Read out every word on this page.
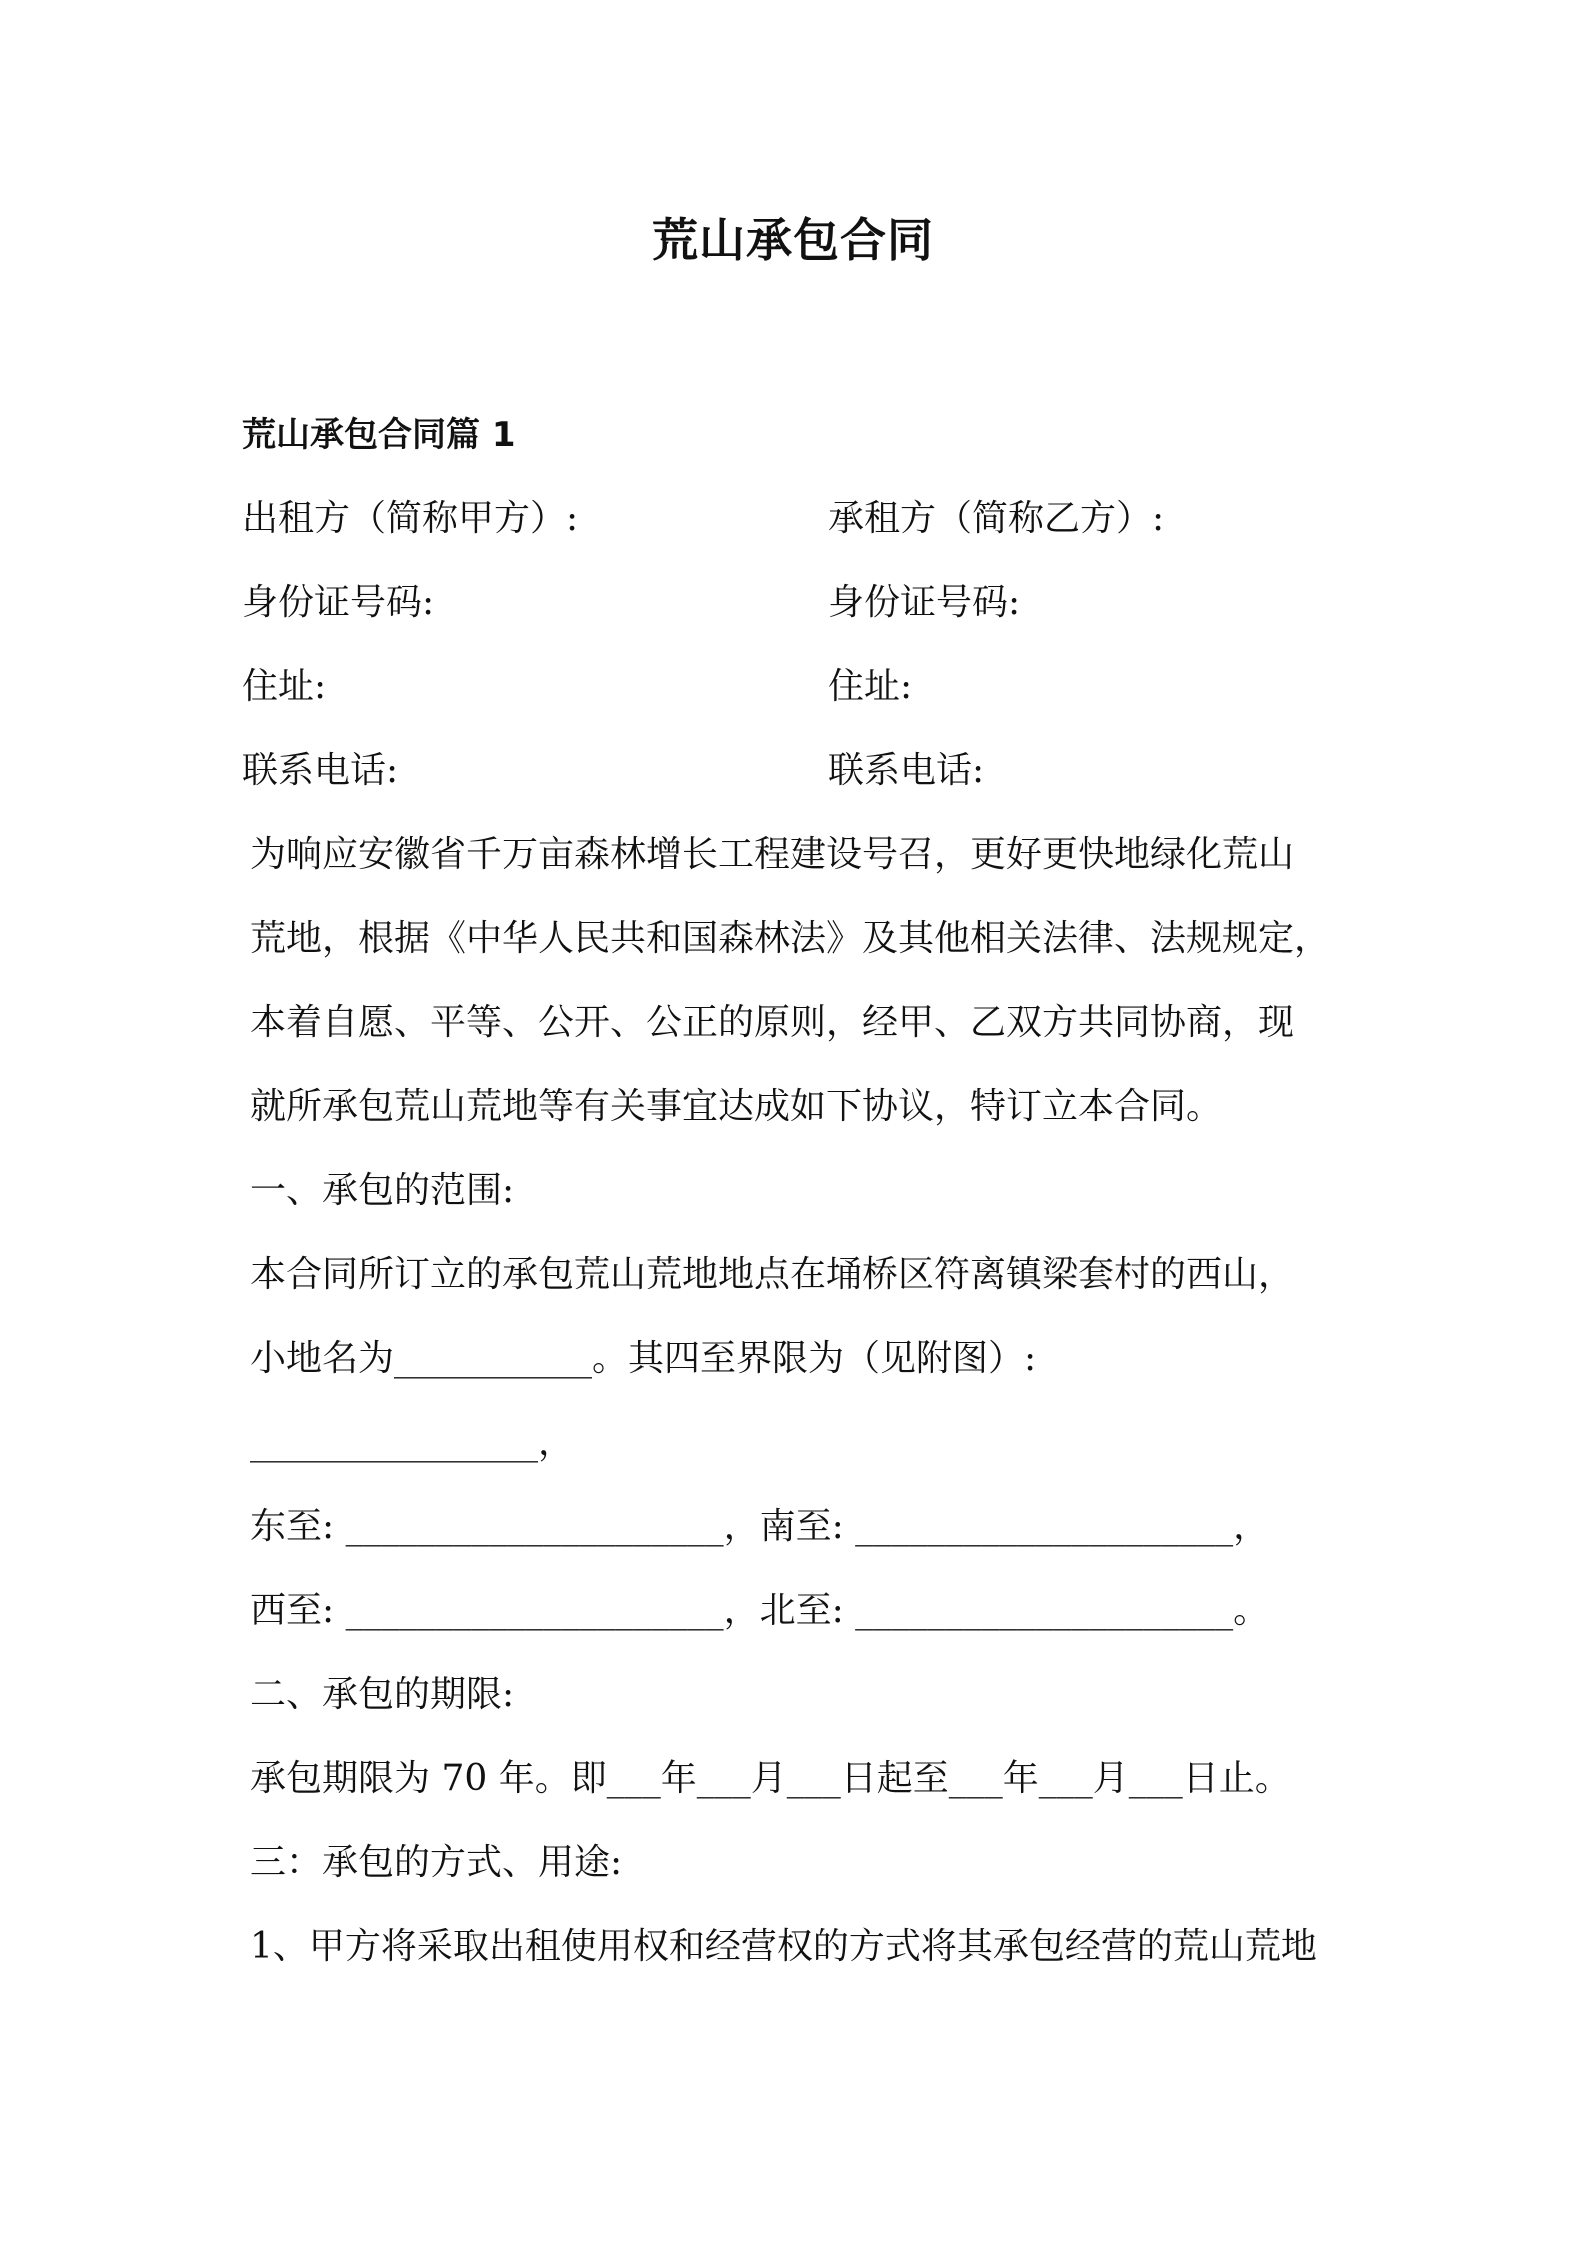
荒山承包合同
荒山承包合同篇 1
出租方（简称甲方）:	承租方（简称乙方）:
身份证号码:	身份证号码:
住址:	住址:
联系电话:	联系电话:
为响应安徽省千万亩森林增长工程建设号召，更好更快地绿化荒山
荒地，根据《中华人民共和国森林法》及其他相关法律、法规规定，
本着自愿、平等、公开、公正的原则，经甲、乙双方共同协商，现
就所承包荒山荒地等有关事宜达成如下协议，特订立本合同。
一、承包的范围:
本合同所订立的承包荒山荒地地点在埇桥区符离镇梁套村的西山，
小地名为___________。其四至界限为（见附图）:
________________，
东至: _____________________，南至: _____________________，
西至: _____________________，北至: _____________________。
二、承包的期限:
承包期限为 70 年。即___年___月___日起至___年___月___日止。
三：承包的方式、用途:
1、甲方将采取出租使用权和经营权的方式将其承包经营的荒山荒地
